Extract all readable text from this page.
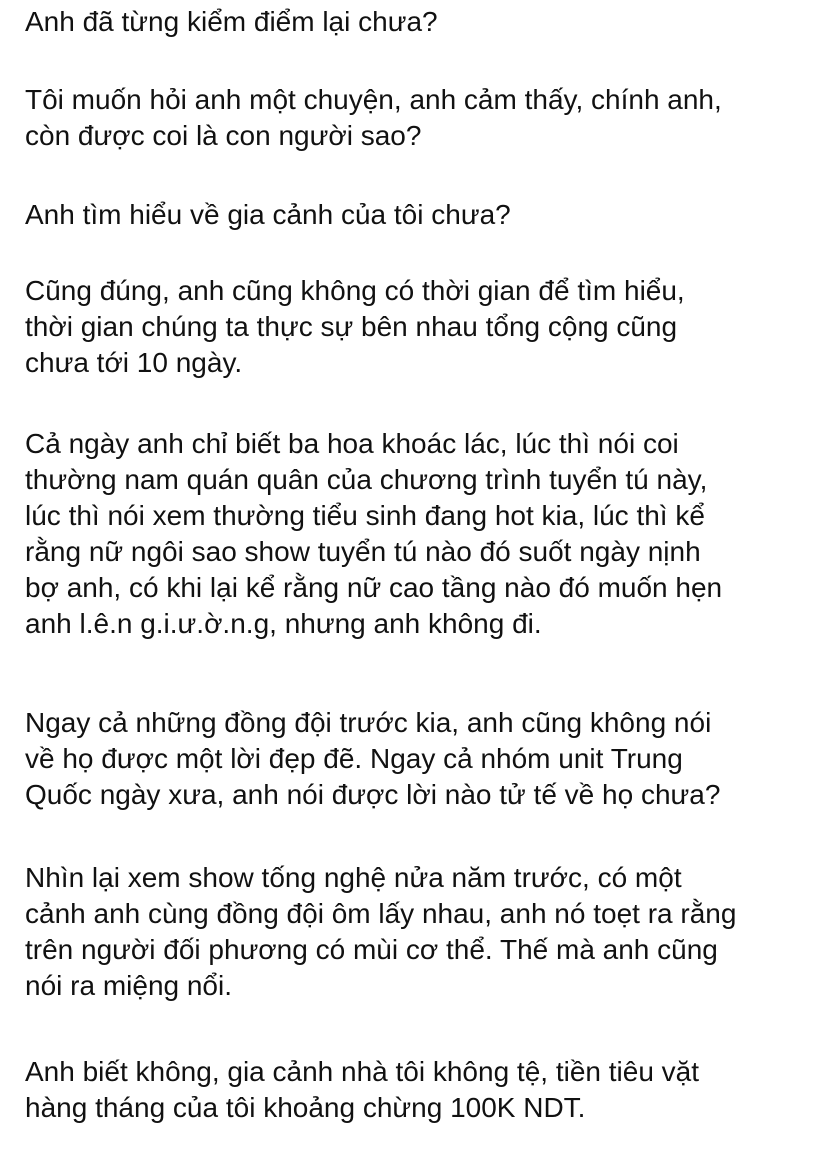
Anh đã từng kiểm điểm lại chưa?
Tôi muốn hỏi anh một chuyện, anh cảm thấy, chính anh,
còn được coi là con người sao?
Anh tìm hiểu về gia cảnh của tôi chưa?
Cũng đúng, anh cũng không có thời gian để tìm hiểu,
thời gian chúng ta thực sự bên nhau tổng cộng cũng
chưa tới 10 ngày.
Cả ngày anh chỉ biết ba hoa khoác lác, lúc thì nói coi
thường nam quán quân của chương trình tuyển tú này,
lúc thì nói xem thường tiểu sinh đang hot kia, lúc thì kể
rằng nữ ngôi sao show tuyển tú nào đó suốt ngày nịnh
bợ anh, có khi lại kể rằng nữ cao tầng nào đó muốn hẹn
anh l.ê.n g.i.ư.ờ.n.g, nhưng anh không đi.
Ngay cả những đồng đội trước kia, anh cũng không nói
về họ được một lời đẹp đẽ. Ngay cả nhóm unit Trung
Quốc ngày xưa, anh nói được lời nào tử tế về họ chưa?
Nhìn lại xem show tống nghệ nửa năm trước, có một
cảnh anh cùng đồng đội ôm lấy nhau, anh nó toẹt ra rằng
trên người đối phương có mùi cơ thể. Thế mà anh cũng
nói ra miệng nổi.
Anh biết không, gia cảnh nhà tôi không tệ, tiền tiêu vặt
hàng tháng của tôi khoảng chừng 100K NDT.
